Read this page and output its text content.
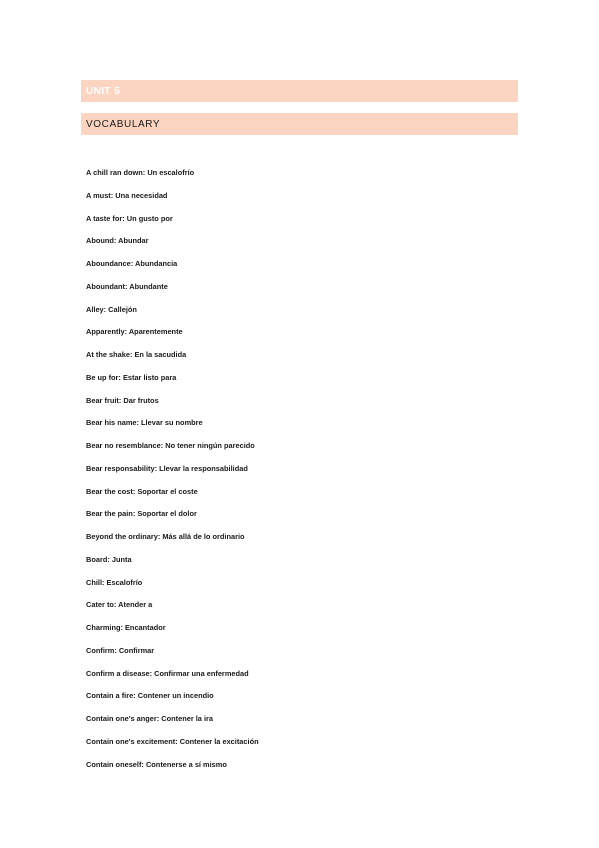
UNIT 5
VOCABULARY
A chill ran down: Un escalofrío
A must: Una necesidad
A taste for: Un gusto por
Abound: Abundar
Aboundance: Abundancia
Aboundant: Abundante
Alley: Callejón
Apparently: Aparentemente
At the shake: En la sacudida
Be up for: Estar listo para
Bear fruit: Dar frutos
Bear his name: Llevar su nombre
Bear no resemblance: No tener ningún parecido
Bear responsability: Llevar la responsabilidad
Bear the cost: Soportar el coste
Bear the pain: Soportar el dolor
Beyond the ordinary: Más allá de lo ordinario
Board: Junta
Chill: Escalofrío
Cater to: Atender a
Charming: Encantador
Confirm: Confirmar
Confirm a disease: Confirmar una enfermedad
Contain a fire: Contener un incendio
Contain one's anger: Contener la ira
Contain one's excitement: Contener la excitación
Contain oneself: Contenerse a sí mismo
